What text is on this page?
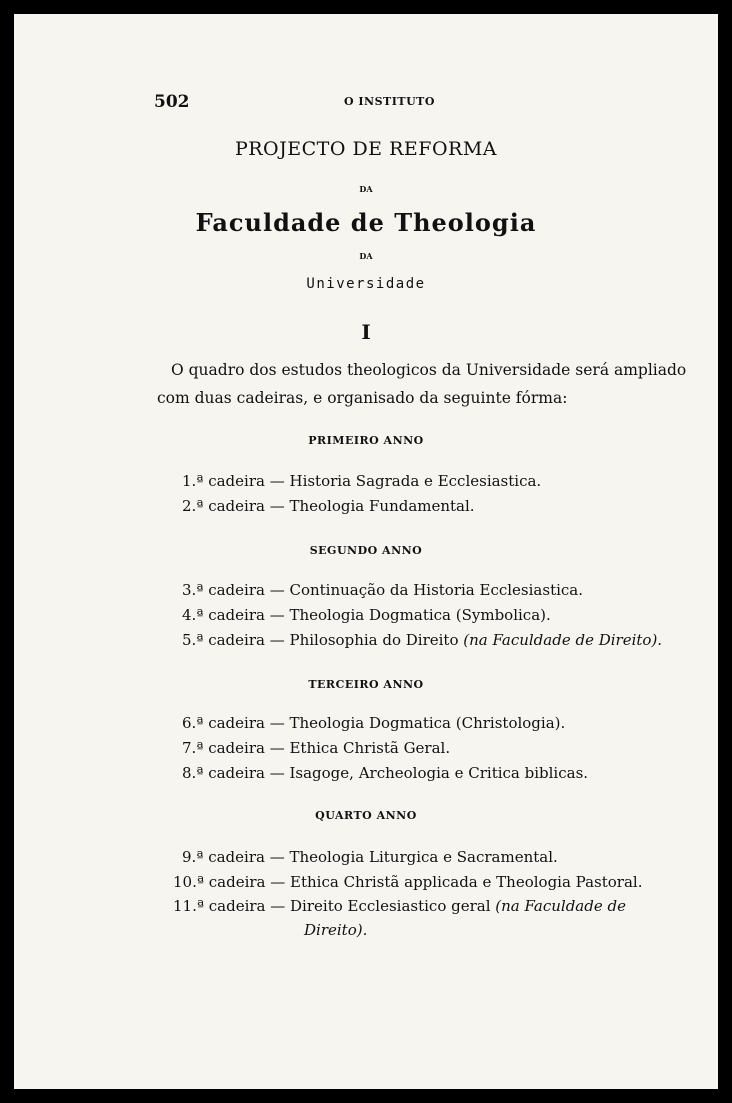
502	O INSTITUTO
PROJECTO DE REFORMA
DA
Faculdade de Theologia
DA
Universidade
I
O quadro dos estudos theologicos da Universidade será ampliado
com duas cadeiras, e organisado da seguinte fórma:
PRIMEIRO ANNO
1.ª cadeira — Historia Sagrada e Ecclesiastica.
2.ª cadeira — Theologia Fundamental.
SEGUNDO ANNO
3.ª cadeira — Continuação da Historia Ecclesiastica.
4.ª cadeira — Theologia Dogmatica (Symbolica).
5.ª cadeira — Philosophia do Direito (na Faculdade de Direito).
TERCEIRO ANNO
6.ª cadeira — Theologia Dogmatica (Christologia).
7.ª cadeira — Ethica Christã Geral.
8.ª cadeira — Isagoge, Archeologia e Critica biblicas.
QUARTO ANNO
9.ª cadeira — Theologia Liturgica e Sacramental.
10.ª cadeira — Ethica Christã applicada e Theologia Pastoral.
11.ª cadeira — Direito Ecclesiastico geral (na Faculdade de
Direito).
